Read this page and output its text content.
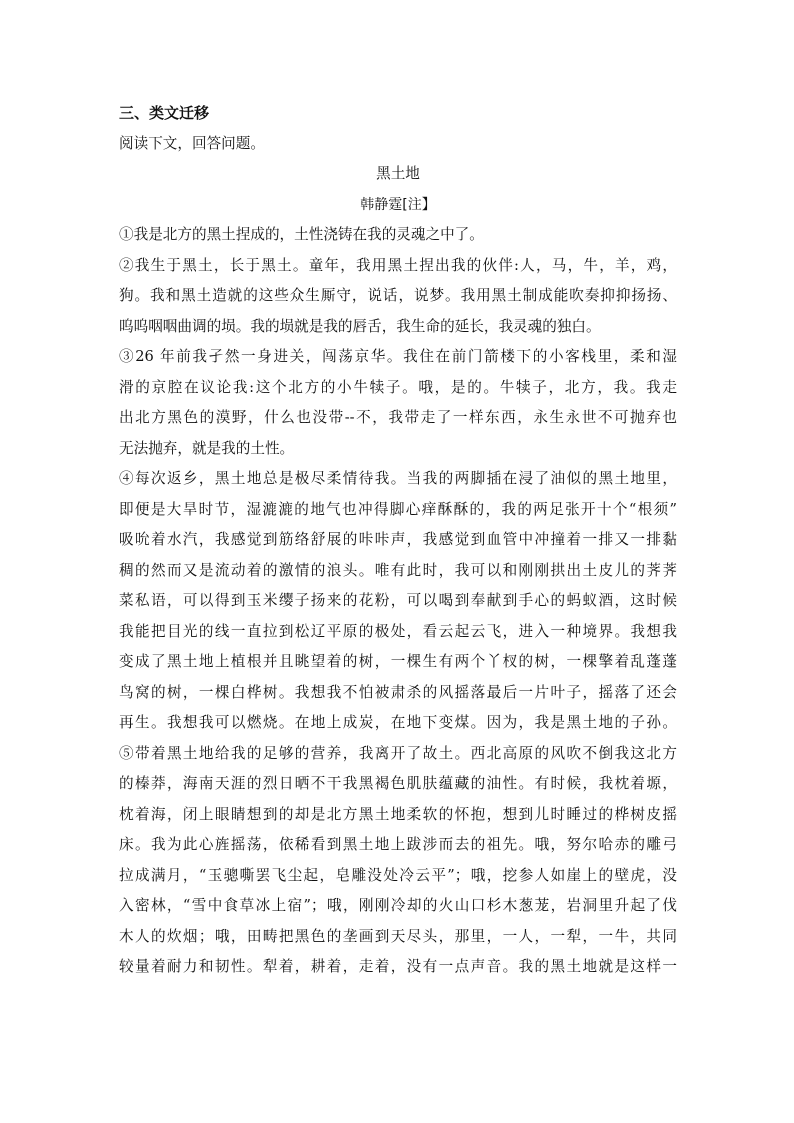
三、类文迁移
阅读下文，回答问题。
黑土地
韩静霆[注】
①我是北方的黑土捏成的，土性浇铸在我的灵魂之中了。
②我生于黑土，长于黑土。童年，我用黑土捏出我的伙伴:人，马，牛，羊，鸡，
狗。我和黑土造就的这些众生厮守，说话，说梦。我用黑土制成能吹奏抑抑扬扬、
呜呜咽咽曲调的埙。我的埙就是我的唇舌，我生命的延长，我灵魂的独白。
③26 年前我孑然一身进关，闯荡京华。我住在前门箭楼下的小客栈里，柔和湿
滑的京腔在议论我:这个北方的小牛犊子。哦，是的。牛犊子，北方，我。我走
出北方黑色的漠野，什么也没带--不，我带走了一样东西，永生永世不可抛弃也
无法抛弃，就是我的土性。
④每次返乡，黑土地总是极尽柔情待我。当我的两脚插在浸了油似的黑土地里，
即便是大旱时节，湿漉漉的地气也冲得脚心痒酥酥的，我的两足张开十个“根须”
吸吮着水汽，我感觉到筋络舒展的咔咔声，我感觉到血管中冲撞着一排又一排黏
稠的然而又是流动着的激情的浪头。唯有此时，我可以和刚刚拱出土皮儿的荠荠
菜私语，可以得到玉米缨子扬来的花粉，可以喝到奉献到手心的蚂蚁酒，这时候
我能把目光的线一直拉到松辽平原的极处，看云起云飞，进入一种境界。我想我
变成了黑土地上植根并且眺望着的树，一棵生有两个丫杈的树，一棵擎着乱蓬蓬
鸟窝的树，一棵白桦树。我想我不怕被肃杀的风摇落最后一片叶子，摇落了还会
再生。我想我可以燃烧。在地上成炭，在地下变煤。因为，我是黑土地的子孙。
⑤带着黑土地给我的足够的营养，我离开了故土。西北高原的风吹不倒我这北方
的榛莽，海南天涯的烈日晒不干我黑褐色肌肤蕴藏的油性。有时候，我枕着塬，
枕着海，闭上眼睛想到的却是北方黑土地柔软的怀抱，想到儿时睡过的桦树皮摇
床。我为此心旌摇荡，依稀看到黑土地上跋涉而去的祖先。哦，努尔哈赤的雕弓
拉成满月，“玉骢嘶罢飞尘起，皂雕没处冷云平”；哦，挖参人如崖上的壁虎，没
入密林，“雪中食草冰上宿”；哦，刚刚冷却的火山口杉木葱茏，岩洞里升起了伐
木人的炊烟；哦，田畴把黑色的垄画到天尽头，那里，一人，一犁，一牛，共同
较量着耐力和韧性。犁着，耕着，走着，没有一点声音。我的黑土地就是这样一
